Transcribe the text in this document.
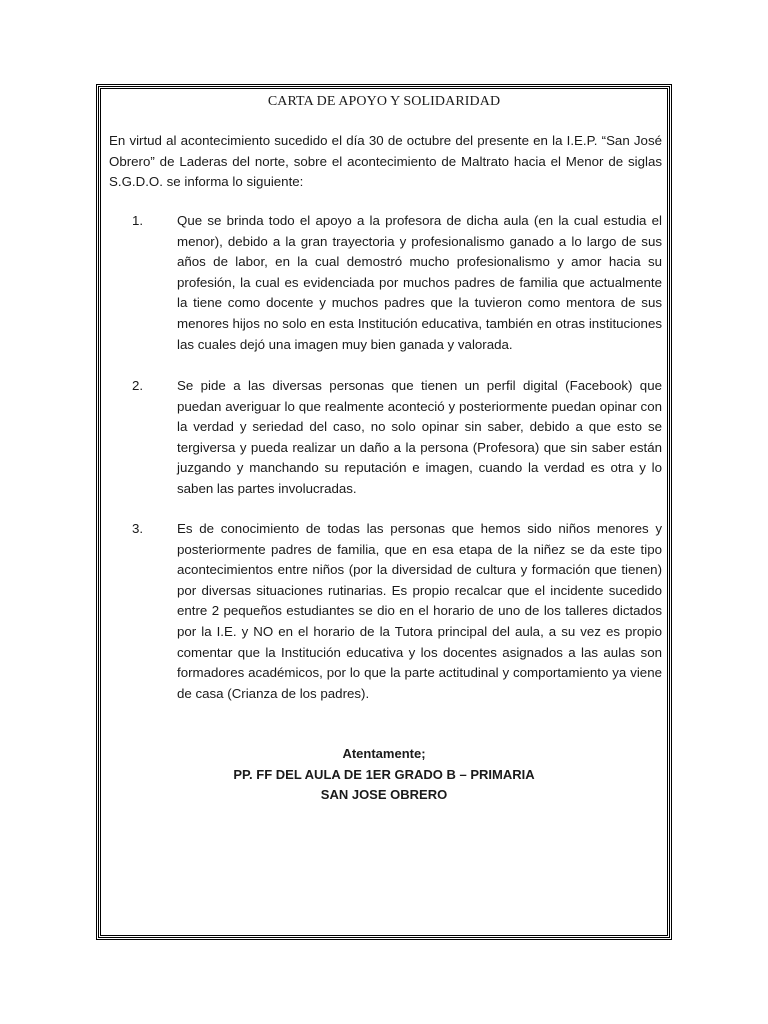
CARTA DE APOYO Y SOLIDARIDAD
En virtud al acontecimiento sucedido el día 30 de octubre del presente en la I.E.P. “San José Obrero” de Laderas del norte, sobre el acontecimiento de Maltrato hacia el Menor de siglas S.G.D.O. se informa lo siguiente:
1.	Que se brinda todo el apoyo a la profesora de dicha aula (en la cual estudia el menor), debido a la gran trayectoria y profesionalismo ganado a lo largo de sus años de labor, en la cual demostró mucho profesionalismo y amor hacia su profesión, la cual es evidenciada por muchos padres de familia que actualmente la tiene como docente y muchos padres que la tuvieron como mentora de sus menores hijos no solo en esta Institución educativa, también en otras instituciones las cuales dejó una imagen muy bien ganada y valorada.
2.	Se pide a las diversas personas que tienen un perfil digital (Facebook) que puedan averiguar lo que realmente aconteció y posteriormente puedan opinar con la verdad y seriedad del caso, no solo opinar sin saber, debido a que esto se tergiversa y pueda realizar un daño a la persona (Profesora) que sin saber están juzgando y manchando su reputación e imagen, cuando la verdad es otra y lo saben las partes involucradas.
3.	Es de conocimiento de todas las personas que hemos sido niños menores y posteriormente padres de familia, que en esa etapa de la niñez se da este tipo acontecimientos entre niños (por la diversidad de cultura y formación que tienen) por diversas situaciones rutinarias. Es propio recalcar que el incidente sucedido entre 2 pequeños estudiantes se dio en el horario de uno de los talleres dictados por la I.E. y NO en el horario de la Tutora principal del aula, a su vez es propio comentar que la Institución educativa y los docentes asignados a las aulas son formadores académicos, por lo que la parte actitudinal y comportamiento ya viene de casa (Crianza de los padres).
Atentamente;
PP. FF DEL AULA DE 1ER GRADO B – PRIMARIA
SAN JOSE OBRERO
